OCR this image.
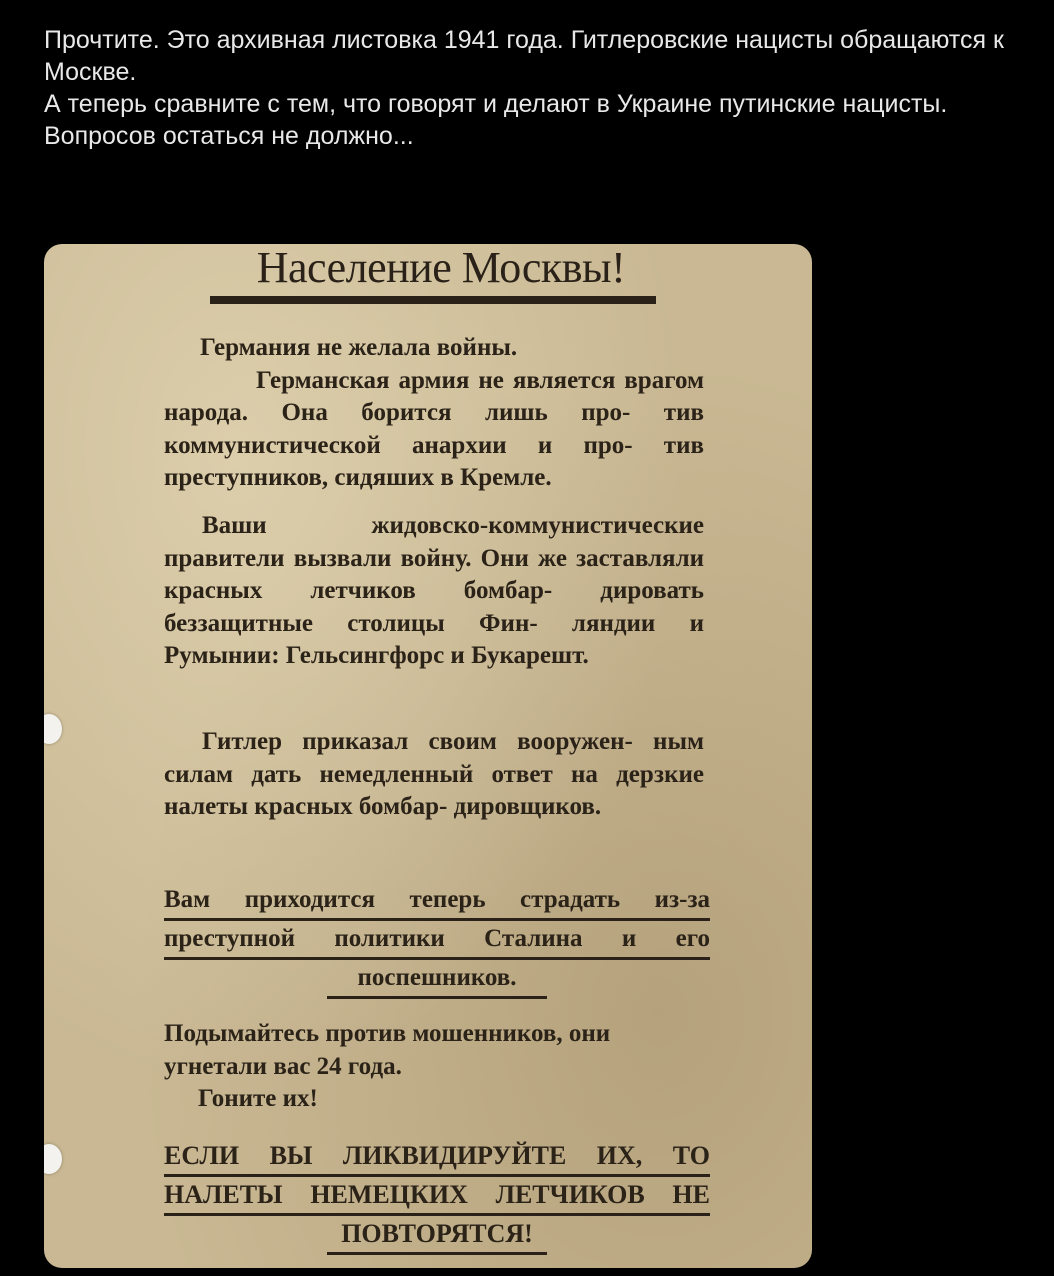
Прочтите. Это архивная листовка 1941 года. Гитлеровские нацисты обращаются к Москве.

А теперь сравните с тем, что говорят и делают в Украине путинские нацисты.

Вопросов остаться не должно...

Население Москвы!
Германия не желала войны.
Германская армия не является врагом народа. Она борится лишь про- тив коммунистической анархии и про- тив преступников, сидяших в Кремле.
Ваши жидовско-коммунистические правители вызвали войну. Они же заставляли красных летчиков бомбар- дировать беззащитные столицы Фин- ляндии и Румынии: Гельсингфорс и Букарешт.
Гитлер приказал своим вооружен- ным силам дать немедленный ответ на дерзкие налеты красных бомбар- дировщиков.
Вам приходится теперь страдать из-за
преступной политики Сталина и его
поспешников.
Подымайтесь против мошенников, они
угнетали вас 24 года.
Гоните их!
ЕСЛИ ВЫ ЛИКВИДИРУЙТЕ ИХ, ТО
НАЛЕТЫ НЕМЕЦКИХ ЛЕТЧИКОВ НЕ
ПОВТОРЯТСЯ!
